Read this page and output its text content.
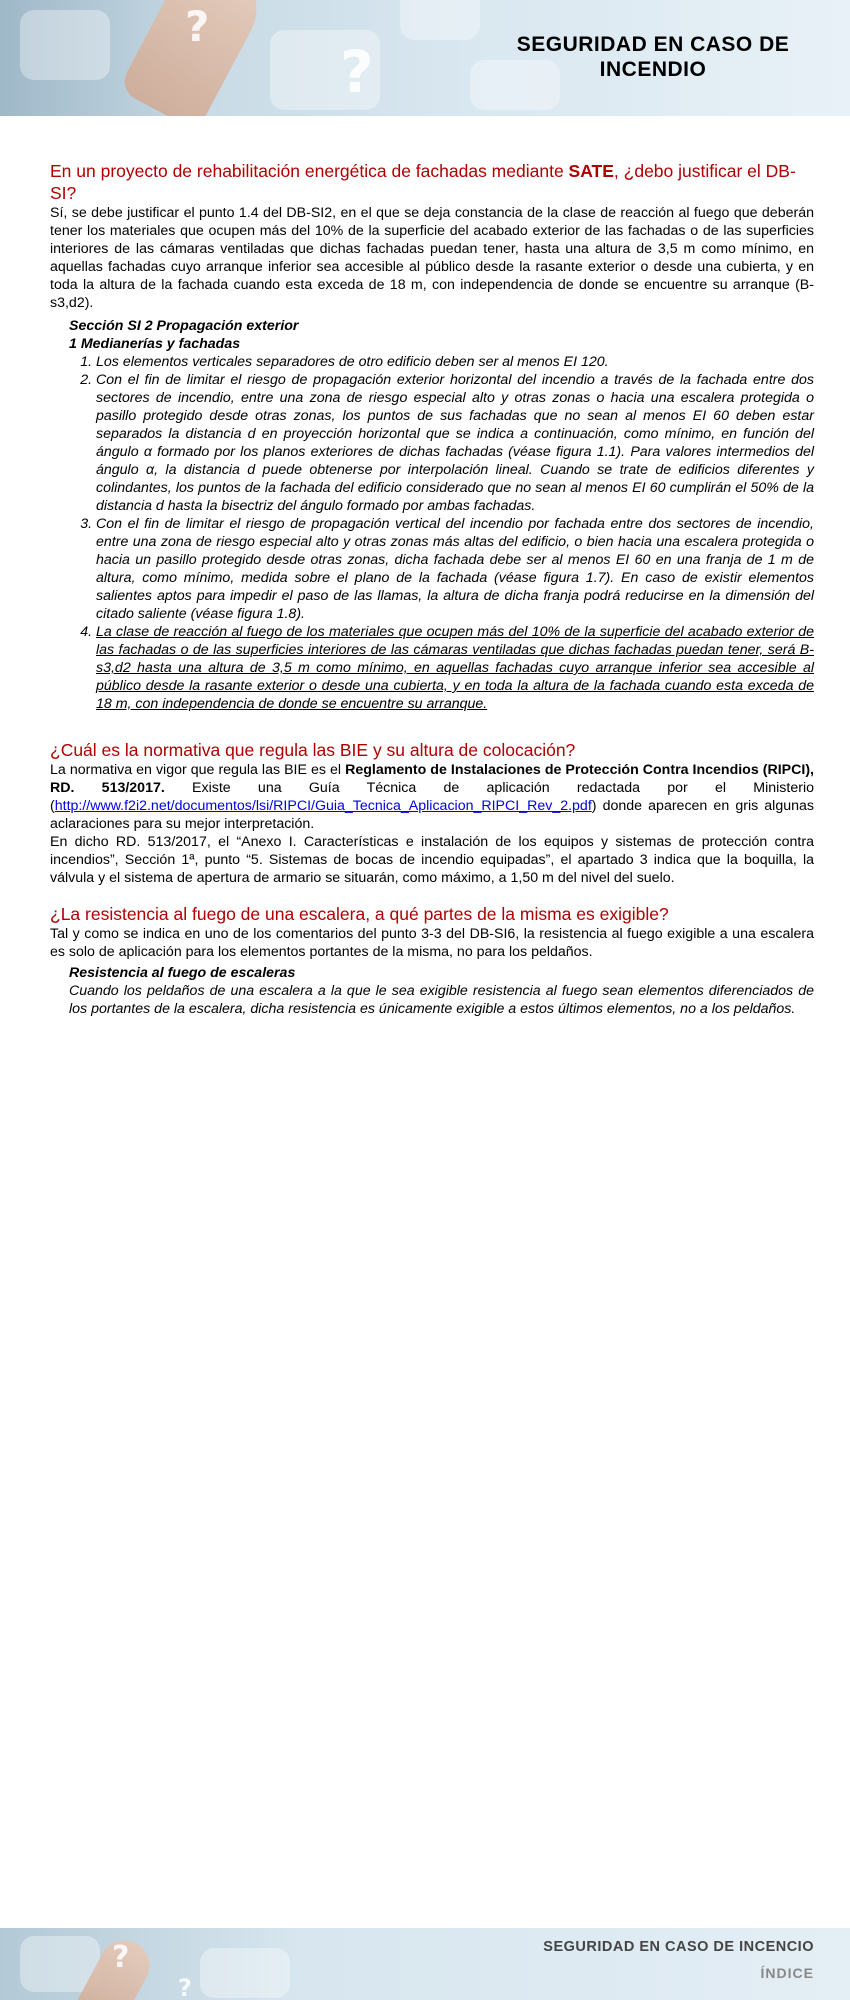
?
?	SEGURIDAD EN CASO DE INCENDIO
En un proyecto de rehabilitación energética de fachadas mediante SATE, ¿debo justificar el DB-SI?

Sí, se debe justificar el punto 1.4 del DB-SI2, en el que se deja constancia de la clase de reacción al fuego que deberán tener los materiales que ocupen más del 10% de la superficie del acabado exterior de las fachadas o de las superficies interiores de las cámaras ventiladas que dichas fachadas puedan tener, hasta una altura de 3,5 m como mínimo, en aquellas fachadas cuyo arranque inferior sea accesible al público desde la rasante exterior o desde una cubierta, y en toda la altura de la fachada cuando esta exceda de 18 m, con independencia de donde se encuentre su arranque (B-s3,d2).

Sección SI 2 Propagación exterior
1 Medianerías y fachadas
1. Los elementos verticales separadores de otro edificio deben ser al menos EI 120.
2. Con el fin de limitar el riesgo de propagación exterior horizontal del incendio a través de la fachada entre dos sectores de incendio, entre una zona de riesgo especial alto y otras zonas o hacia una escalera protegida o pasillo protegido desde otras zonas, los puntos de sus fachadas que no sean al menos EI 60 deben estar separados la distancia d en proyección horizontal que se indica a continuación, como mínimo, en función del ángulo α formado por los planos exteriores de dichas fachadas (véase figura 1.1). Para valores intermedios del ángulo α, la distancia d puede obtenerse por interpolación lineal. Cuando se trate de edificios diferentes y colindantes, los puntos de la fachada del edificio considerado que no sean al menos EI 60 cumplirán el 50% de la distancia d hasta la bisectriz del ángulo formado por ambas fachadas.
3. Con el fin de limitar el riesgo de propagación vertical del incendio por fachada entre dos sectores de incendio, entre una zona de riesgo especial alto y otras zonas más altas del edificio, o bien hacia una escalera protegida o hacia un pasillo protegido desde otras zonas, dicha fachada debe ser al menos EI 60 en una franja de 1 m de altura, como mínimo, medida sobre el plano de la fachada (véase figura 1.7). En caso de existir elementos salientes aptos para impedir el paso de las llamas, la altura de dicha franja podrá reducirse en la dimensión del citado saliente (véase figura 1.8).
4. La clase de reacción al fuego de los materiales que ocupen más del 10% de la superficie del acabado exterior de las fachadas o de las superficies interiores de las cámaras ventiladas que dichas fachadas puedan tener, será B-s3,d2 hasta una altura de 3,5 m como mínimo, en aquellas fachadas cuyo arranque inferior sea accesible al público desde la rasante exterior o desde una cubierta, y en toda la altura de la fachada cuando esta exceda de 18 m, con independencia de donde se encuentre su arranque.
¿Cuál es la normativa que regula las BIE y su altura de colocación?

La normativa en vigor que regula las BIE es el Reglamento de Instalaciones de Protección Contra Incendios (RIPCI), RD. 513/2017. Existe una Guía Técnica de aplicación redactada por el Ministerio (http://www.f2i2.net/documentos/lsi/RIPCI/Guia_Tecnica_Aplicacion_RIPCI_Rev_2.pdf) donde aparecen en gris algunas aclaraciones para su mejor interpretación.

En dicho RD. 513/2017, el “Anexo I. Características e instalación de los equipos y sistemas de protección contra incendios”, Sección 1ª, punto “5. Sistemas de bocas de incendio equipadas”, el apartado 3 indica que la boquilla, la válvula y el sistema de apertura de armario se situarán, como máximo, a 1,50 m del nivel del suelo.

¿La resistencia al fuego de una escalera, a qué partes de la misma es exigible?

Tal y como se indica en uno de los comentarios del punto 3-3 del DB-SI6, la resistencia al fuego exigible a una escalera es solo de aplicación para los elementos portantes de la misma, no para los peldaños.

Resistencia al fuego de escaleras

Cuando los peldaños de una escalera a la que le sea exigible resistencia al fuego sean elementos diferenciados de los portantes de la escalera, dicha resistencia es únicamente exigible a estos últimos elementos, no a los peldaños.

?
?
SEGURIDAD EN CASO DE INCENCIO
ÍNDICE
